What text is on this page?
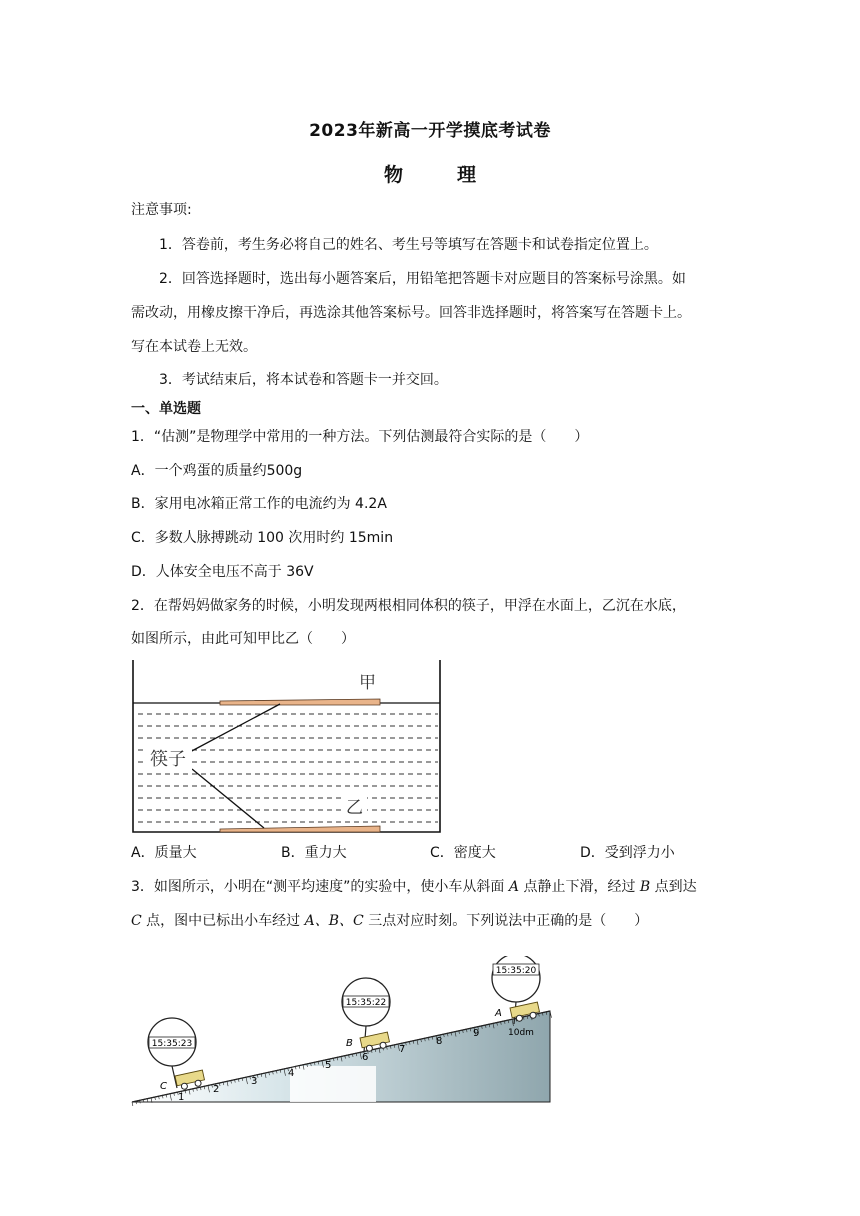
2023年新高一开学摸底考试卷
物	理
注意事项:
1．答卷前，考生务必将自己的姓名、考生号等填写在答题卡和试卷指定位置上。
2．回答选择题时，选出每小题答案后，用铅笔把答题卡对应题目的答案标号涂黑。如
需改动，用橡皮擦干净后，再选涂其他答案标号。回答非选择题时，将答案写在答题卡上。
写在本试卷上无效。
3．考试结束后，将本试卷和答题卡一并交回。
一、单选题
1．“估测”是物理学中常用的一种方法。下列估测最符合实际的是（　　）
A．一个鸡蛋的质量约500g
B．家用电冰箱正常工作的电流约为 4.2A
C．多数人脉搏跳动 100 次用时约 15min
D．人体安全电压不高于 36V
2．在帮妈妈做家务的时候，小明发现两根相同体积的筷子，甲浮在水面上，乙沉在水底，
如图所示，由此可知甲比乙（　　）
筷子
甲
乙
A．质量大	B．重力大	C．密度大	D．受到浮力小
3．如图所示，小明在“测平均速度”的实验中，使小车从斜面 A 点静止下滑，经过 B 点到达
C 点，图中已标出小车经过 A、B、C 三点对应时刻。下列说法中正确的是（　　）
1
2
3
4
5
6
7
8
9	10dm
15:35:23
C
15:35:22
B
15:35:20
A
